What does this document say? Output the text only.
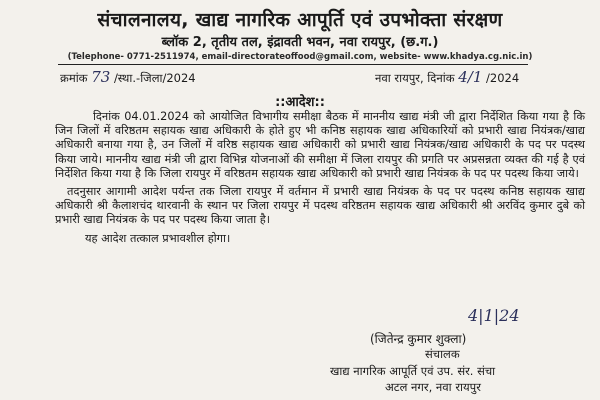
संचालनालय, खाद्य नागरिक आपूर्ति एवं उपभोक्ता संरक्षण
ब्लॉक 2, तृतीय तल, इंद्रावती भवन, नवा रायपुर, (छ.ग.)
(Telephone- 0771-2511974, email-directorateoffood@gmail.com, website- www.khadya.cg.nic.in)
क्रमांक 73 /स्था.-जिला/2024	नवा रायपुर, दिनांक 4/1 /2024
::आदेश::

दिनांक 04.01.2024 को आयोजित विभागीय समीक्षा बैठक में माननीय खाद्य मंत्री जी द्वारा निर्देशित किया गया है कि जिन जिलों में वरिष्ठतम सहायक खाद्य अधिकारी के होते हुए भी कनिष्ठ सहायक खाद्य अधिकारियों को प्रभारी खाद्य नियंत्रक/खाद्य अधिकारी बनाया गया है, उन जिलों में वरिष्ठ सहायक खाद्य अधिकारी को प्रभारी खाद्य नियंत्रक/खाद्य अधिकारी के पद पर पदस्थ किया जाये। माननीय खाद्य मंत्री जी द्वारा विभिन्न योजनाओं की समीक्षा में जिला रायपुर की प्रगति पर अप्रसन्नता व्यक्त की गई है एवं निर्देशित किया गया है कि जिला रायपुर में वरिष्ठतम सहायक खाद्य अधिकारी को प्रभारी खाद्य नियंत्रक के पद पर पदस्थ किया जाये।

तदनुसार आगामी आदेश पर्यन्त तक जिला रायपुर में वर्तमान में प्रभारी खाद्य नियंत्रक के पद पर पदस्थ कनिष्ठ सहायक खाद्य अधिकारी श्री कैलाशचंद थारवानी के स्थान पर जिला रायपुर में पदस्थ वरिष्ठतम सहायक खाद्य अधिकारी श्री अरविंद कुमार दुबे को प्रभारी खाद्य नियंत्रक के पद पर पदस्थ किया जाता है।

यह आदेश तत्काल प्रभावशील होगा।

4|1|24
(जितेन्द्र कुमार शुक्ला)
संचालक
खाद्य नागरिक आपूर्ति एवं उप. संर. संचा
अटल नगर, नवा रायपुर
